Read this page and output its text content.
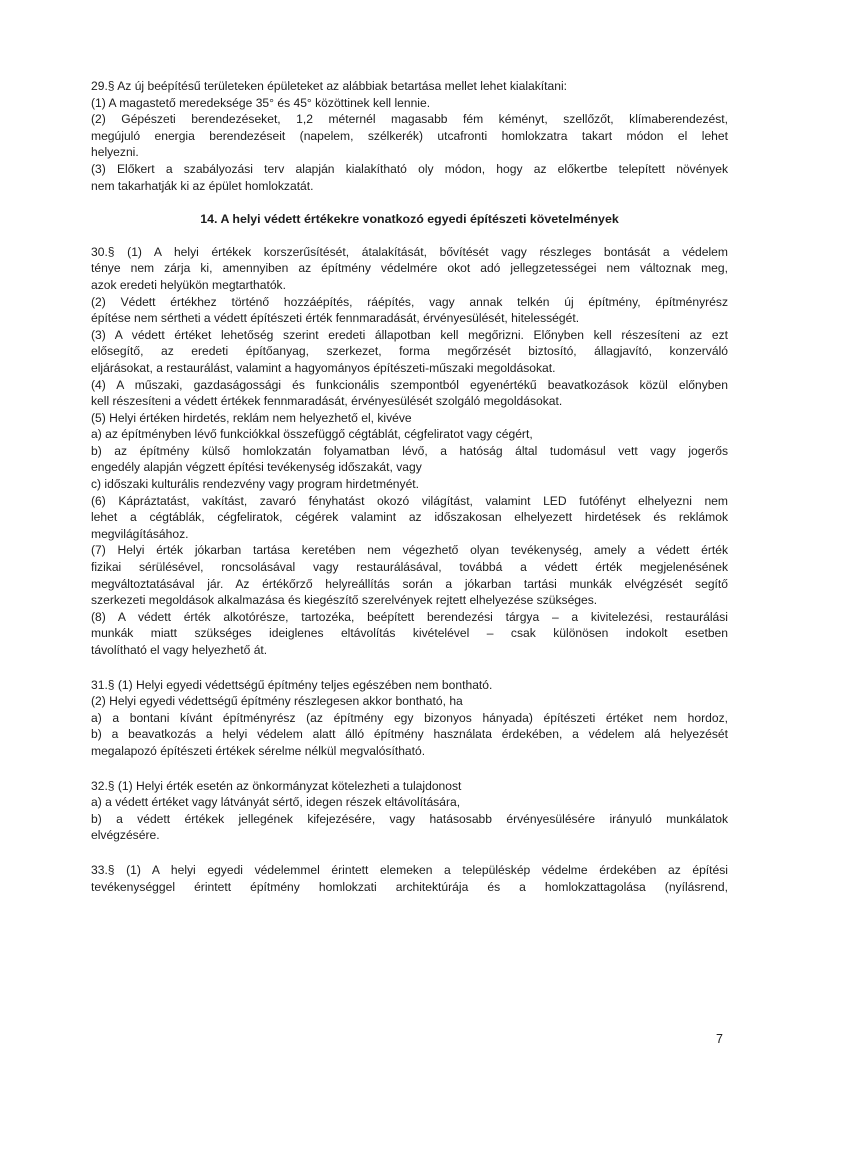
29.§ Az új beépítésű területeken épületeket az alábbiak betartása mellet lehet kialakítani:

(1) A magastető meredeksége 35° és 45° közöttinek kell lennie.

(2) Gépészeti berendezéseket, 1,2 méternél magasabb fém kéményt, szellőzőt, klímaberendezést,

megújuló energia berendezéseit (napelem, szélkerék) utcafronti homlokzatra takart módon el lehet

helyezni.

(3) Előkert a szabályozási terv alapján kialakítható oly módon, hogy az előkertbe telepített növények

nem takarhatják ki az épület homlokzatát.

14. A helyi védett értékekre vonatkozó egyedi építészeti követelmények

30.§ (1) A helyi értékek korszerűsítését, átalakítását, bővítését vagy részleges bontását a védelem

ténye nem zárja ki, amennyiben az építmény védelmére okot adó jellegzetességei nem változnak meg,

azok eredeti helyükön megtarthatók.

(2) Védett értékhez történő hozzáépítés, ráépítés, vagy annak telkén új építmény, építményrész

építése nem sértheti a védett építészeti érték fennmaradását, érvényesülését, hitelességét.

(3) A védett értéket lehetőség szerint eredeti állapotban kell megőrizni. Előnyben kell részesíteni az ezt

elősegítő, az eredeti építőanyag, szerkezet, forma megőrzését biztosító, állagjavító, konzerváló

eljárásokat, a restaurálást, valamint a hagyományos építészeti-műszaki megoldásokat.

(4) A műszaki, gazdaságossági és funkcionális szempontból egyenértékű beavatkozások közül előnyben

kell részesíteni a védett értékek fennmaradását, érvényesülését szolgáló megoldásokat.

(5) Helyi értéken hirdetés, reklám nem helyezhető el, kivéve

a) az építményben lévő funkciókkal összefüggő cégtáblát, cégfeliratot vagy cégért,

b) az építmény külső homlokzatán folyamatban lévő, a hatóság által tudomásul vett vagy jogerős

engedély alapján végzett építési tevékenység időszakát, vagy

c) időszaki kulturális rendezvény vagy program hirdetményét.

(6) Kápráztatást, vakítást, zavaró fényhatást okozó világítást, valamint LED futófényt elhelyezni nem

lehet a cégtáblák, cégfeliratok, cégérek valamint az időszakosan elhelyezett hirdetések és reklámok

megvilágításához.

(7) Helyi érték jókarban tartása keretében nem végezhető olyan tevékenység, amely a védett érték

fizikai sérülésével, roncsolásával vagy restaurálásával, továbbá a védett érték megjelenésének

megváltoztatásával jár. Az értékőrző helyreállítás során a jókarban tartási munkák elvégzését segítő

szerkezeti megoldások alkalmazása és kiegészítő szerelvények rejtett elhelyezése szükséges.

(8) A védett érték alkotórésze, tartozéka, beépített berendezési tárgya – a kivitelezési, restaurálási

munkák miatt szükséges ideiglenes eltávolítás kivételével – csak különösen indokolt esetben

távolítható el vagy helyezhető át.

31.§ (1) Helyi egyedi védettségű építmény teljes egészében nem bontható.

(2) Helyi egyedi védettségű építmény részlegesen akkor bontható, ha

a) a bontani kívánt építményrész (az építmény egy bizonyos hányada) építészeti értéket nem hordoz,

b) a beavatkozás a helyi védelem alatt álló építmény használata érdekében, a védelem alá helyezését

megalapozó építészeti értékek sérelme nélkül megvalósítható.

32.§ (1) Helyi érték esetén az önkormányzat kötelezheti a tulajdonost

a) a védett értéket vagy látványát sértő, idegen részek eltávolítására,

b) a védett értékek jellegének kifejezésére, vagy hatásosabb érvényesülésére irányuló munkálatok

elvégzésére.

33.§ (1) A helyi egyedi védelemmel érintett elemeken a településkép védelme érdekében az építési

tevékenységgel érintett építmény homlokzati architektúrája és a homlokzattagolása (nyílásrend,

7
